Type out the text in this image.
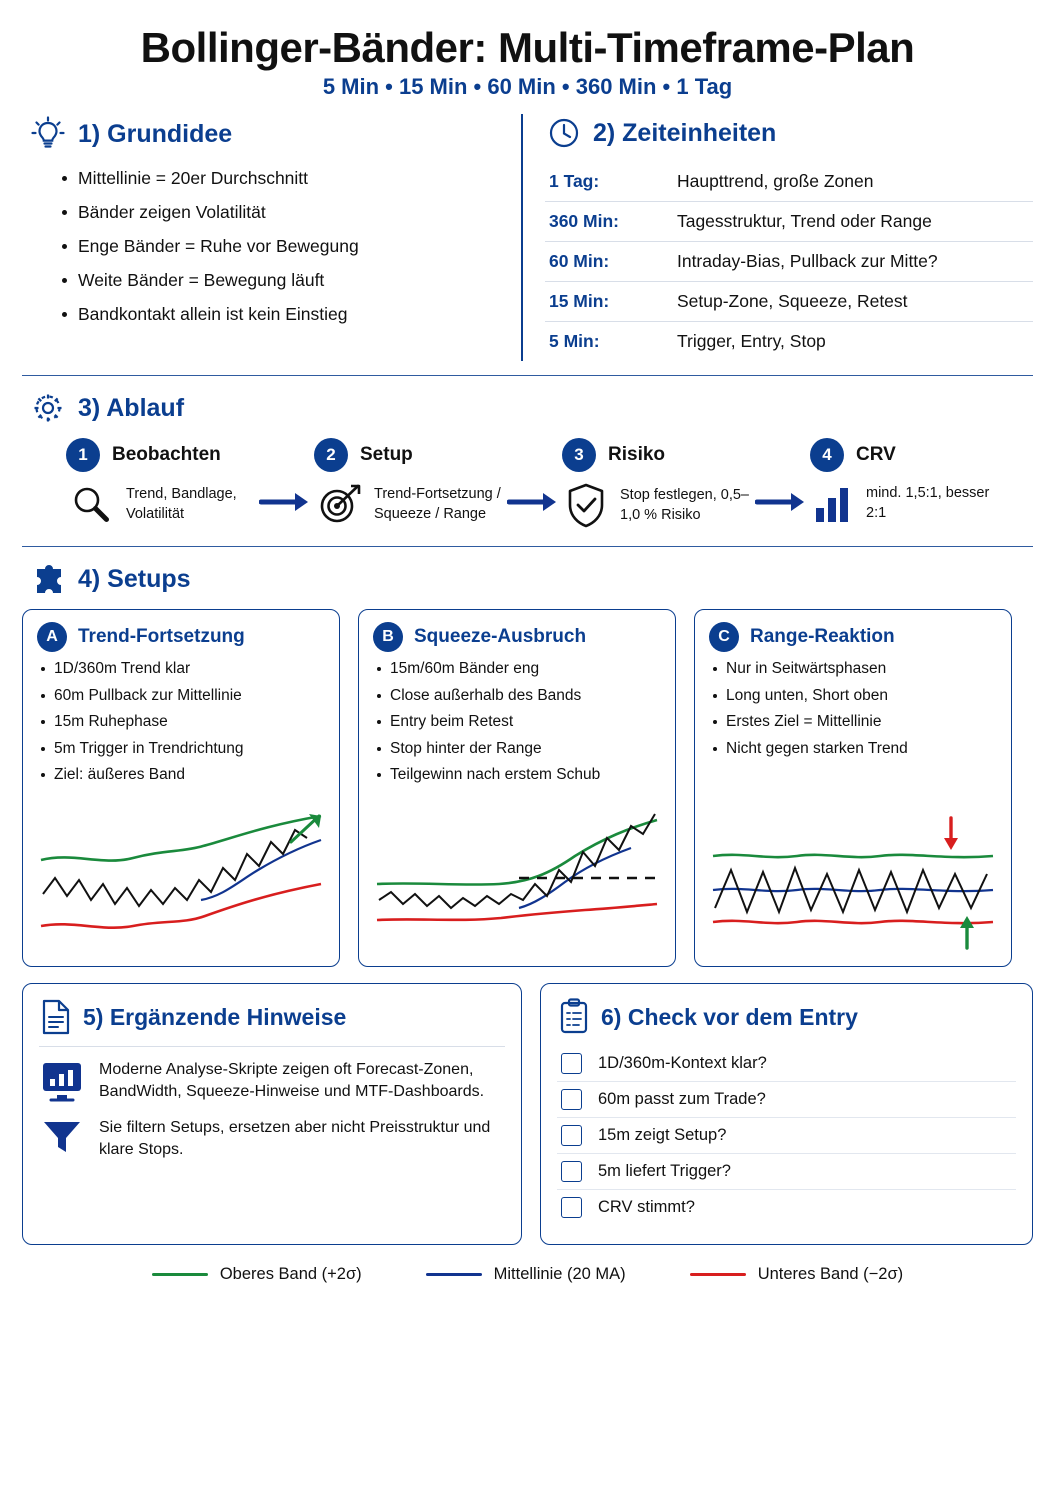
Bollinger-Bänder: Multi-Timeframe-Plan
5 Min • 15 Min • 60 Min • 360 Min • 1 Tag
1) Grundidee
Mittellinie = 20er Durchschnitt
Bänder zeigen Volatilität
Enge Bänder = Ruhe vor Bewegung
Weite Bänder = Bewegung läuft
Bandkontakt allein ist kein Einstieg
2) Zeiteinheiten
1 Tag:	Haupttrend, große Zonen
360 Min:	Tagesstruktur, Trend oder Range
60 Min:	Intraday-Bias, Pullback zur Mitte?
15 Min:	Setup-Zone, Squeeze, Retest
5 Min:	Trigger, Entry, Stop
3) Ablauf
1	Beobachten
Trend, Bandlage, Volatilität
2	Setup
Trend-Fortsetzung / Squeeze / Range
3	Risiko
Stop festlegen, 0,5–1,0 % Risiko
4	CRV
mind. 1,5:1, besser 2:1
4) Setups
A	Trend-Fortsetzung
1D/360m Trend klar
60m Pullback zur Mittellinie
15m Ruhephase
5m Trigger in Trendrichtung
Ziel: äußeres Band
B	Squeeze-Ausbruch
15m/60m Bänder eng
Close außerhalb des Bands
Entry beim Retest
Stop hinter der Range
Teilgewinn nach erstem Schub
C	Range-Reaktion
Nur in Seitwärtsphasen
Long unten, Short oben
Erstes Ziel = Mittellinie
Nicht gegen starken Trend
5) Ergänzende Hinweise
Moderne Analyse-Skripte zeigen oft Forecast-Zonen, BandWidth, Squeeze-Hinweise und MTF-Dashboards.
Sie filtern Setups, ersetzen aber nicht Preisstruktur und klare Stops.
6) Check vor dem Entry
1D/360m-Kontext klar?
60m passt zum Trade?
15m zeigt Setup?
5m liefert Trigger?
CRV stimmt?
Oberes Band (+2σ)	Mittellinie (20 MA)	Unteres Band (−2σ)
